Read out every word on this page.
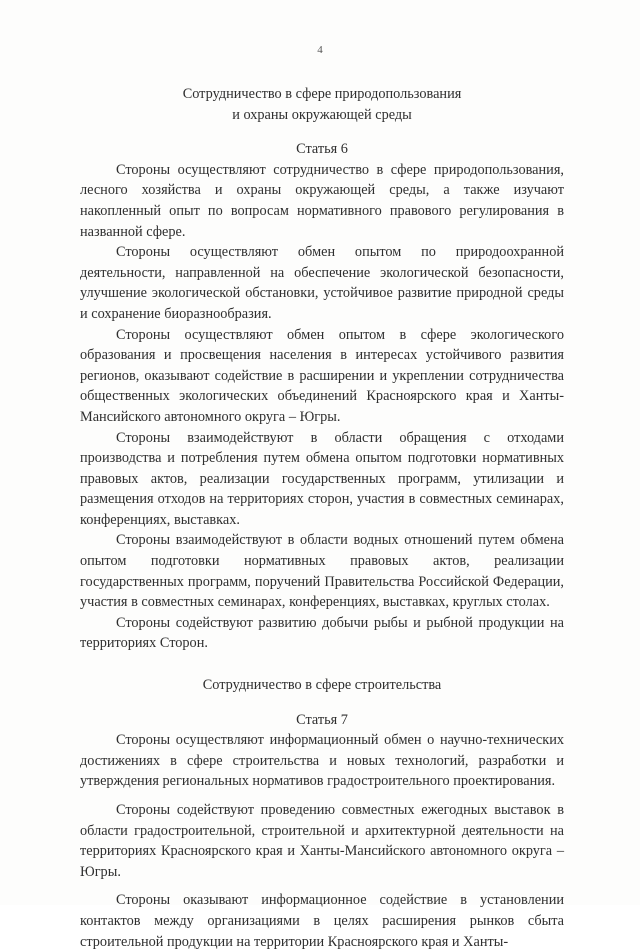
4

Сотрудничество в сфере природопользования

и охраны окружающей среды

Статья 6

Стороны осуществляют сотрудничество в сфере природопользования, лесного хозяйства и охраны окружающей среды, а также изучают накопленный опыт по вопросам нормативного правового регулирования в названной сфере.

Стороны осуществляют обмен опытом по природоохранной деятельности, направленной на обеспечение экологической безопасности, улучшение экологической обстановки, устойчивое развитие природной среды и сохранение биоразнообразия.

Стороны осуществляют обмен опытом в сфере экологического образования и просвещения населения в интересах устойчивого развития регионов, оказывают содействие в расширении и укреплении сотрудничества общественных экологических объединений Красноярского края и Ханты-Мансийского автономного округа – Югры.

Стороны взаимодействуют в области обращения с отходами производства и потребления путем обмена опытом подготовки нормативных правовых актов, реализации государственных программ, утилизации и размещения отходов на территориях сторон, участия в совместных семинарах, конференциях, выставках.

Стороны взаимодействуют в области водных отношений путем обмена опытом подготовки нормативных правовых актов, реализации государственных программ, поручений Правительства Российской Федерации, участия в совместных семинарах, конференциях, выставках, круглых столах.

Стороны содействуют развитию добычи рыбы и рыбной продукции на территориях Сторон.

Сотрудничество в сфере строительства

Статья 7

Стороны осуществляют информационный обмен о научно-технических достижениях в сфере строительства и новых технологий, разработки и утверждения региональных нормативов градостроительного проектирования.

Стороны содействуют проведению совместных ежегодных выставок в области градостроительной, строительной и архитектурной деятельности на территориях Красноярского края и Ханты-Мансийского автономного округа – Югры.

Стороны оказывают информационное содействие в установлении контактов между организациями в целях расширения рынков сбыта строительной продукции на территории Красноярского края и Ханты-
